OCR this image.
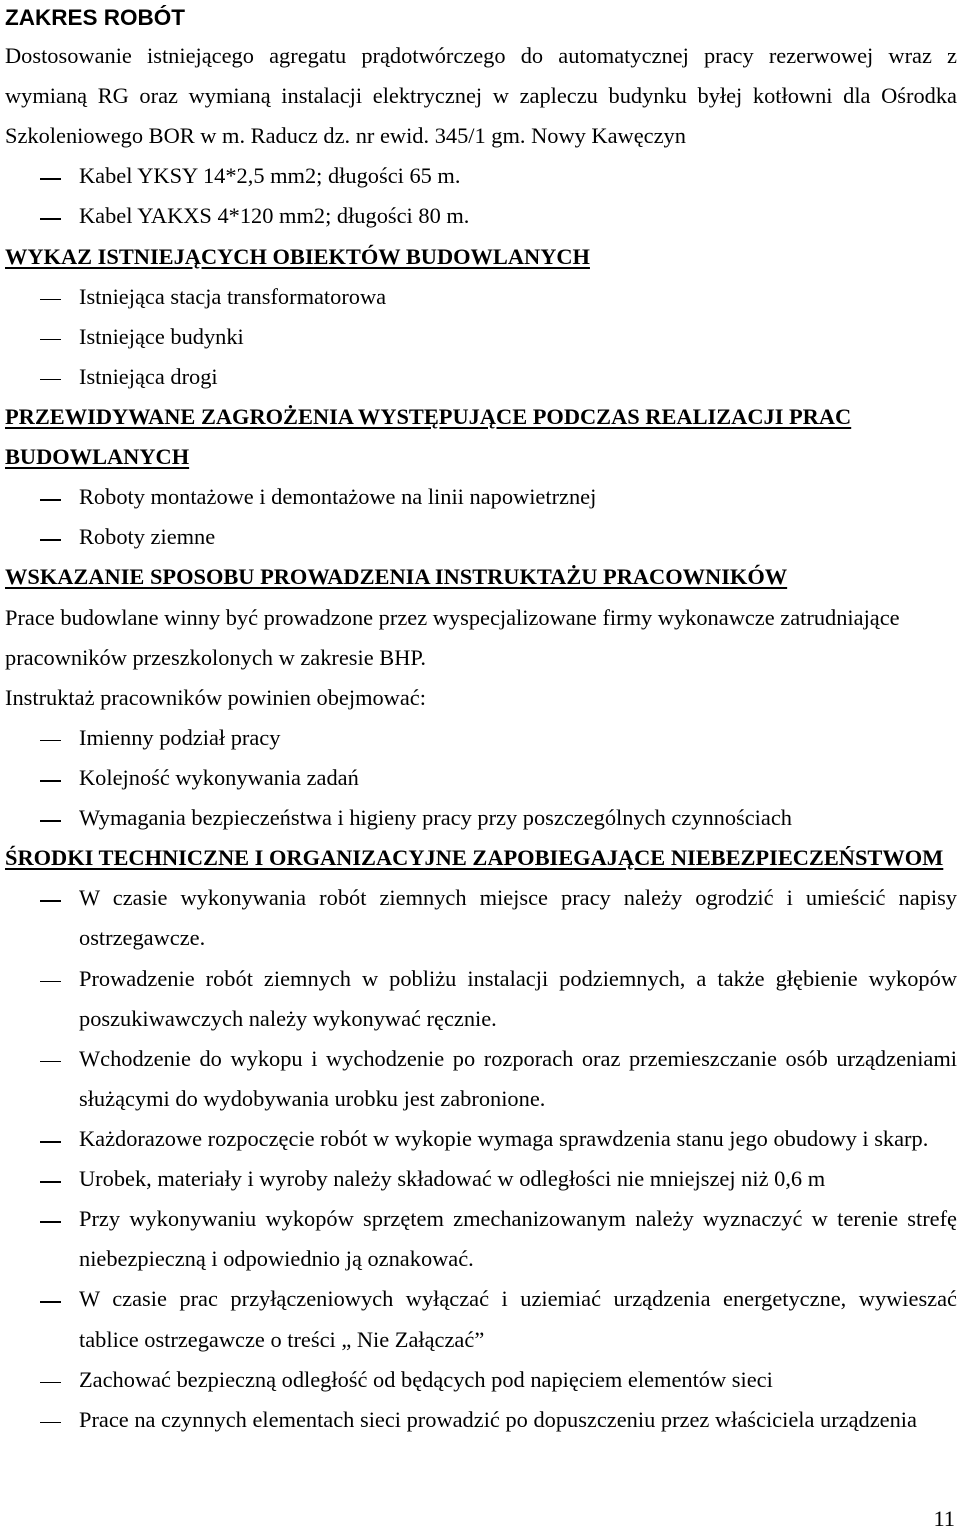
ZAKRES ROBÓT
Dostosowanie istniejącego agregatu prądotwórczego do automatycznej pracy rezerwowej wraz z
wymianą RG oraz wymianą instalacji elektrycznej w zapleczu budynku byłej kotłowni dla Ośrodka
Szkoleniowego BOR w m. Raducz dz. nr ewid. 345/1 gm. Nowy Kawęczyn
Kabel YKSY 14*2,5 mm2; długości 65 m.
Kabel YAKXS 4*120 mm2; długości 80 m.
WYKAZ ISTNIEJĄCYCH OBIEKTÓW BUDOWLANYCH
Istniejąca stacja transformatorowa
Istniejące budynki
Istniejąca drogi
PRZEWIDYWANE ZAGROŻENIA WYSTĘPUJĄCE PODCZAS REALIZACJI PRAC
BUDOWLANYCH
Roboty montażowe i demontażowe na linii napowietrznej
Roboty ziemne
WSKAZANIE SPOSOBU PROWADZENIA INSTRUKTAŻU PRACOWNIKÓW
Prace budowlane winny być prowadzone przez wyspecjalizowane firmy wykonawcze zatrudniające
pracowników przeszkolonych w zakresie BHP.
Instruktaż pracowników powinien obejmować:
Imienny podział pracy
Kolejność wykonywania zadań
Wymagania bezpieczeństwa i higieny pracy przy poszczególnych czynnościach
ŚRODKI TECHNICZNE I ORGANIZACYJNE ZAPOBIEGAJĄCE NIEBEZPIECZEŃSTWOM
W czasie wykonywania robót ziemnych miejsce pracy należy ogrodzić i umieścić napisy
ostrzegawcze.
Prowadzenie robót ziemnych w pobliżu instalacji podziemnych, a także głębienie wykopów
poszukiwawczych należy wykonywać ręcznie.
Wchodzenie do wykopu i wychodzenie po rozporach oraz przemieszczanie osób urządzeniami
służącymi do wydobywania urobku jest zabronione.
Każdorazowe rozpoczęcie robót w wykopie wymaga sprawdzenia stanu jego obudowy i skarp.
Urobek, materiały i wyroby należy składować w odległości nie mniejszej niż 0,6 m
Przy wykonywaniu wykopów sprzętem zmechanizowanym należy wyznaczyć w terenie strefę
niebezpieczną i odpowiednio ją oznakować.
W czasie prac przyłączeniowych wyłączać i uziemiać urządzenia energetyczne, wywieszać
tablice ostrzegawcze o treści „ Nie Załączać”
Zachować bezpieczną odległość od będących pod napięciem elementów sieci
Prace na czynnych elementach sieci prowadzić po dopuszczeniu przez właściciela urządzenia
11
